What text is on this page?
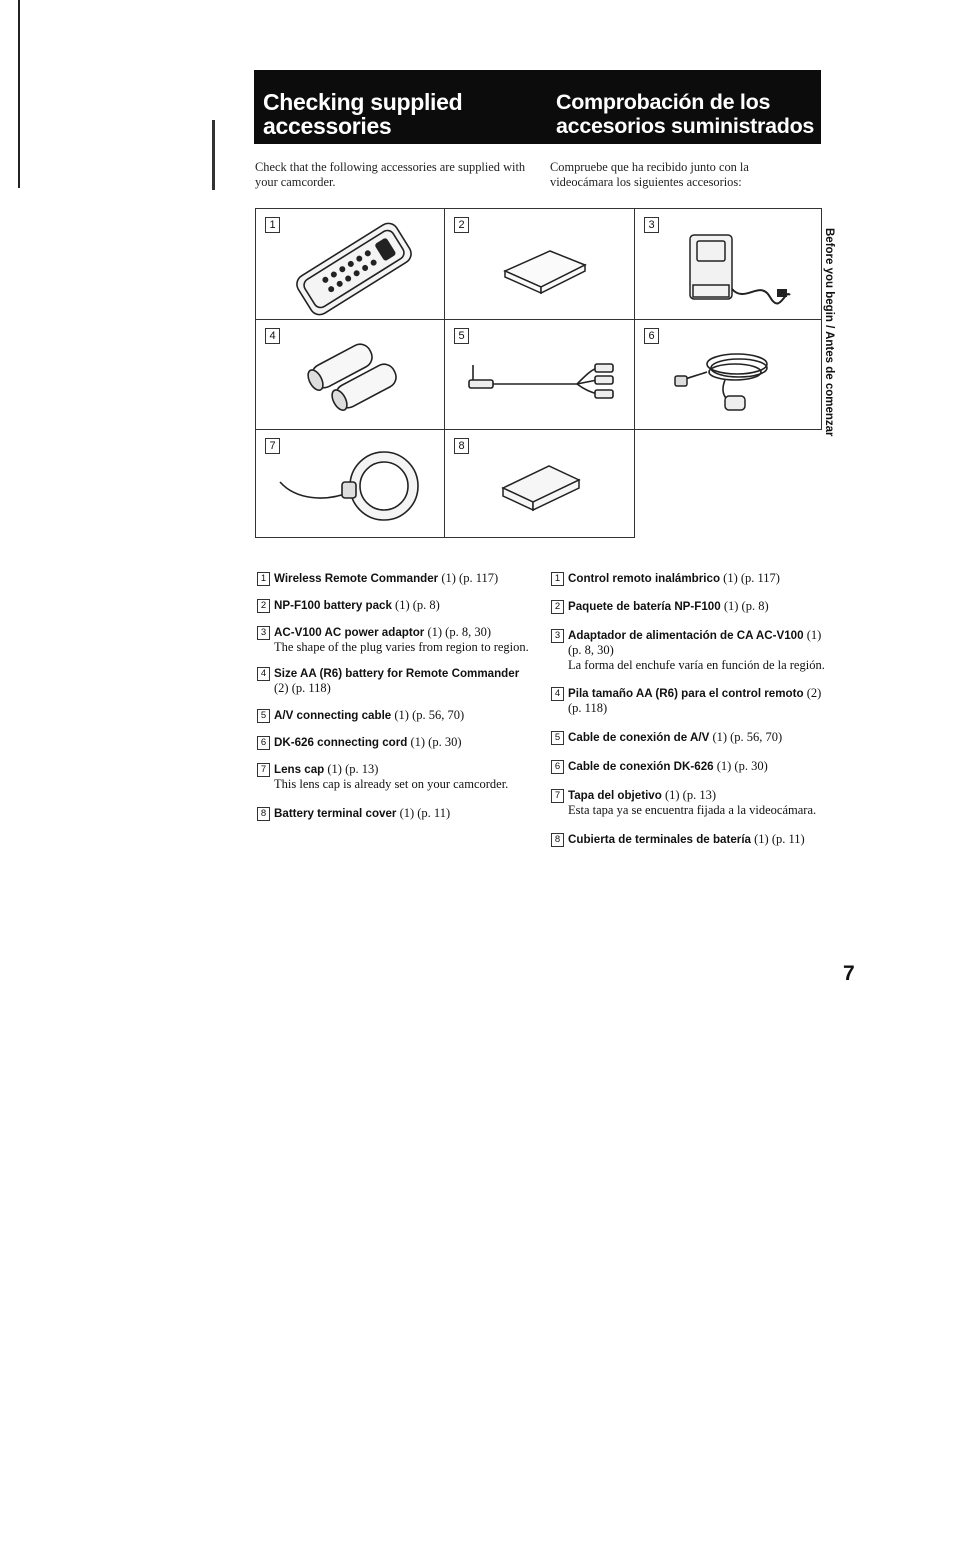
Checking supplied accessories
Comprobación de los accesorios suministrados
Check that the following accessories are supplied with your camcorder.
Compruebe que ha recibido junto con la videocámara los siguientes accesorios:
1	2	3
4	5	6
7	8
Before you begin / Antes de comenzar
1 Wireless Remote Commander (1) (p. 117)
2 NP-F100 battery pack (1) (p. 8)
3 AC-V100 AC power adaptor (1) (p. 8, 30)
The shape of the plug varies from region to region.
4 Size AA (R6) battery for Remote Commander (2) (p. 118)
5 A/V connecting cable (1) (p. 56, 70)
6 DK-626 connecting cord (1) (p. 30)
7 Lens cap (1) (p. 13)
This lens cap is already set on your camcorder.
8 Battery terminal cover (1) (p. 11)
1 Control remoto inalámbrico (1) (p. 117)
2 Paquete de batería NP-F100 (1) (p. 8)
3 Adaptador de alimentación de CA AC-V100 (1) (p. 8, 30)
La forma del enchufe varía en función de la región.
4 Pila tamaño AA (R6) para el control remoto (2) (p. 118)
5 Cable de conexión de A/V (1) (p. 56, 70)
6 Cable de conexión DK-626 (1) (p. 30)
7 Tapa del objetivo (1) (p. 13)
Esta tapa ya se encuentra fijada a la videocámara.
8 Cubierta de terminales de batería (1) (p. 11)
7
